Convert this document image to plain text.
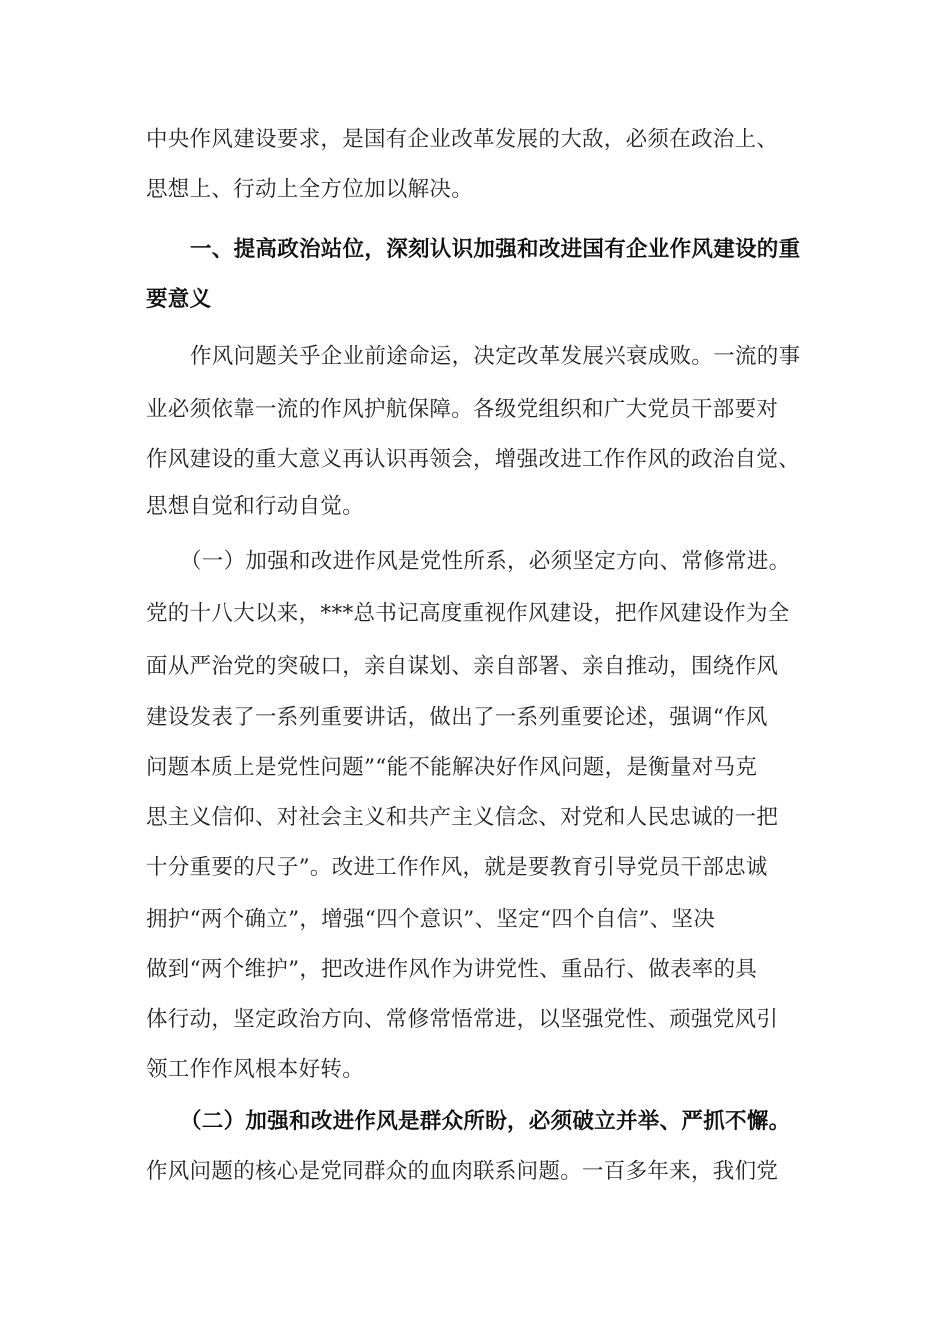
中央作风建设要求，是国有企业改革发展的大敌，必须在政治上、
思想上、行动上全方位加以解决。
一、提高政治站位，深刻认识加强和改进国有企业作风建设的重
要意义
作风问题关乎企业前途命运，决定改革发展兴衰成败。一流的事
业必须依靠一流的作风护航保障。各级党组织和广大党员干部要对
作风建设的重大意义再认识再领会，增强改进工作作风的政治自觉、
思想自觉和行动自觉。
（一）加强和改进作风是党性所系，必须坚定方向、常修常进。
党的十八大以来，***总书记高度重视作风建设，把作风建设作为全
面从严治党的突破口，亲自谋划、亲自部署、亲自推动，围绕作风
建设发表了一系列重要讲话，做出了一系列重要论述，强调“作风
问题本质上是党性问题”“能不能解决好作风问题，是衡量对马克
思主义信仰、对社会主义和共产主义信念、对党和人民忠诚的一把
十分重要的尺子”。改进工作作风，就是要教育引导党员干部忠诚
拥护“两个确立”，增强“四个意识”、坚定“四个自信”、坚决
做到“两个维护”，把改进作风作为讲党性、重品行、做表率的具
体行动，坚定政治方向、常修常悟常进，以坚强党性、顽强党风引
领工作作风根本好转。
（二）加强和改进作风是群众所盼，必须破立并举、严抓不懈。
作风问题的核心是党同群众的血肉联系问题。一百多年来，我们党
